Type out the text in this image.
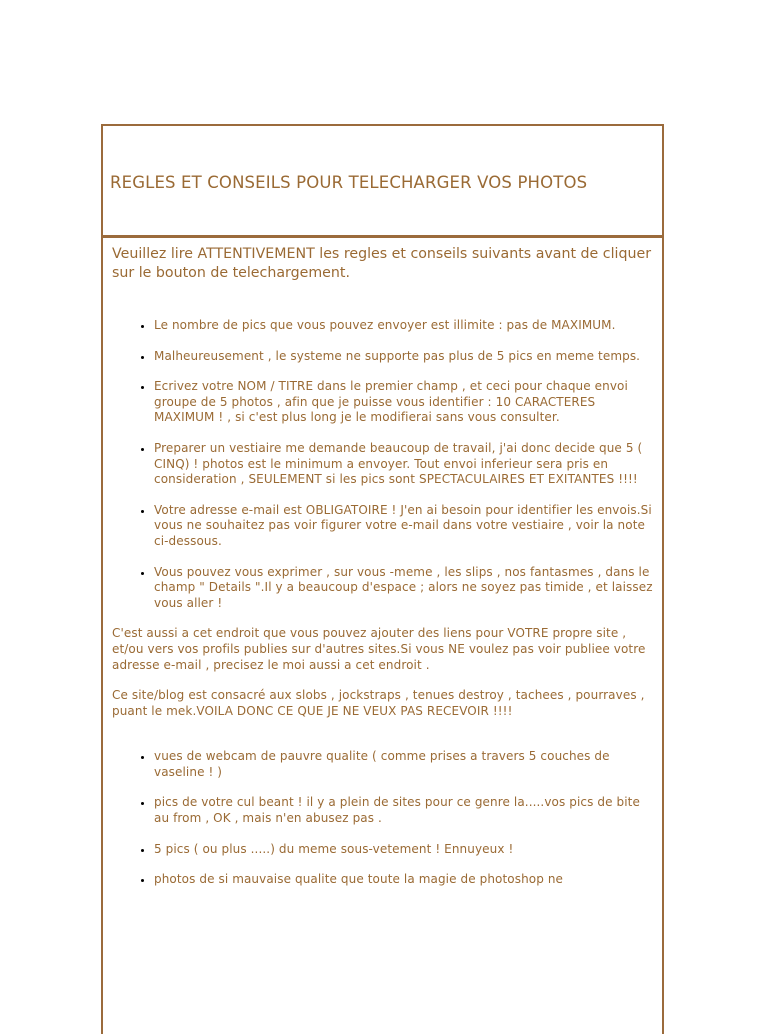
REGLES ET CONSEILS POUR TELECHARGER VOS PHOTOS

Veuillez lire ATTENTIVEMENT les regles et conseils suivants avant de cliquer sur le bouton de telechargement.

• Le nombre de pics que vous pouvez envoyer est illimite : pas de MAXIMUM.
• Malheureusement , le systeme ne supporte pas plus de 5 pics en meme temps.
• Ecrivez votre NOM / TITRE dans le premier champ , et ceci pour chaque envoi groupe de 5 photos , afin que je puisse vous identifier : 10 CARACTERES MAXIMUM ! , si c'est plus long je le modifierai sans vous consulter.
• Preparer un vestiaire me demande beaucoup de travail, j'ai donc decide que 5 ( CINQ) ! photos est le minimum a envoyer. Tout envoi inferieur sera pris en consideration , SEULEMENT si les pics sont SPECTACULAIRES ET EXITANTES !!!!
• Votre adresse e-mail est OBLIGATOIRE ! J'en ai besoin pour identifier les envois.Si vous ne souhaitez pas voir figurer votre e-mail dans votre vestiaire , voir la note ci-dessous.
• Vous pouvez vous exprimer , sur vous -meme , les slips , nos fantasmes , dans le champ " Details ".Il y a beaucoup d'espace ; alors ne soyez pas timide , et laissez vous aller !

C'est aussi a cet endroit que vous pouvez ajouter des liens pour VOTRE propre site , et/ou vers vos profils publies sur d'autres sites.Si vous NE voulez pas voir publiee votre adresse e-mail , precisez le moi aussi a cet endroit .

Ce site/blog est consacré aux slobs , jockstraps , tenues destroy , tachees , pourraves , puant le mek.VOILA DONC CE QUE JE NE VEUX PAS RECEVOIR !!!!

• vues de webcam de pauvre qualite ( comme prises a travers 5 couches de vaseline ! )
• pics de votre cul beant ! il y a plein de sites pour ce genre la.....vos pics de bite au from , OK , mais n'en abusez pas .
• 5 pics ( ou plus .....) du meme sous-vetement ! Ennuyeux !
• photos de si mauvaise qualite que toute la magie de photoshop ne
